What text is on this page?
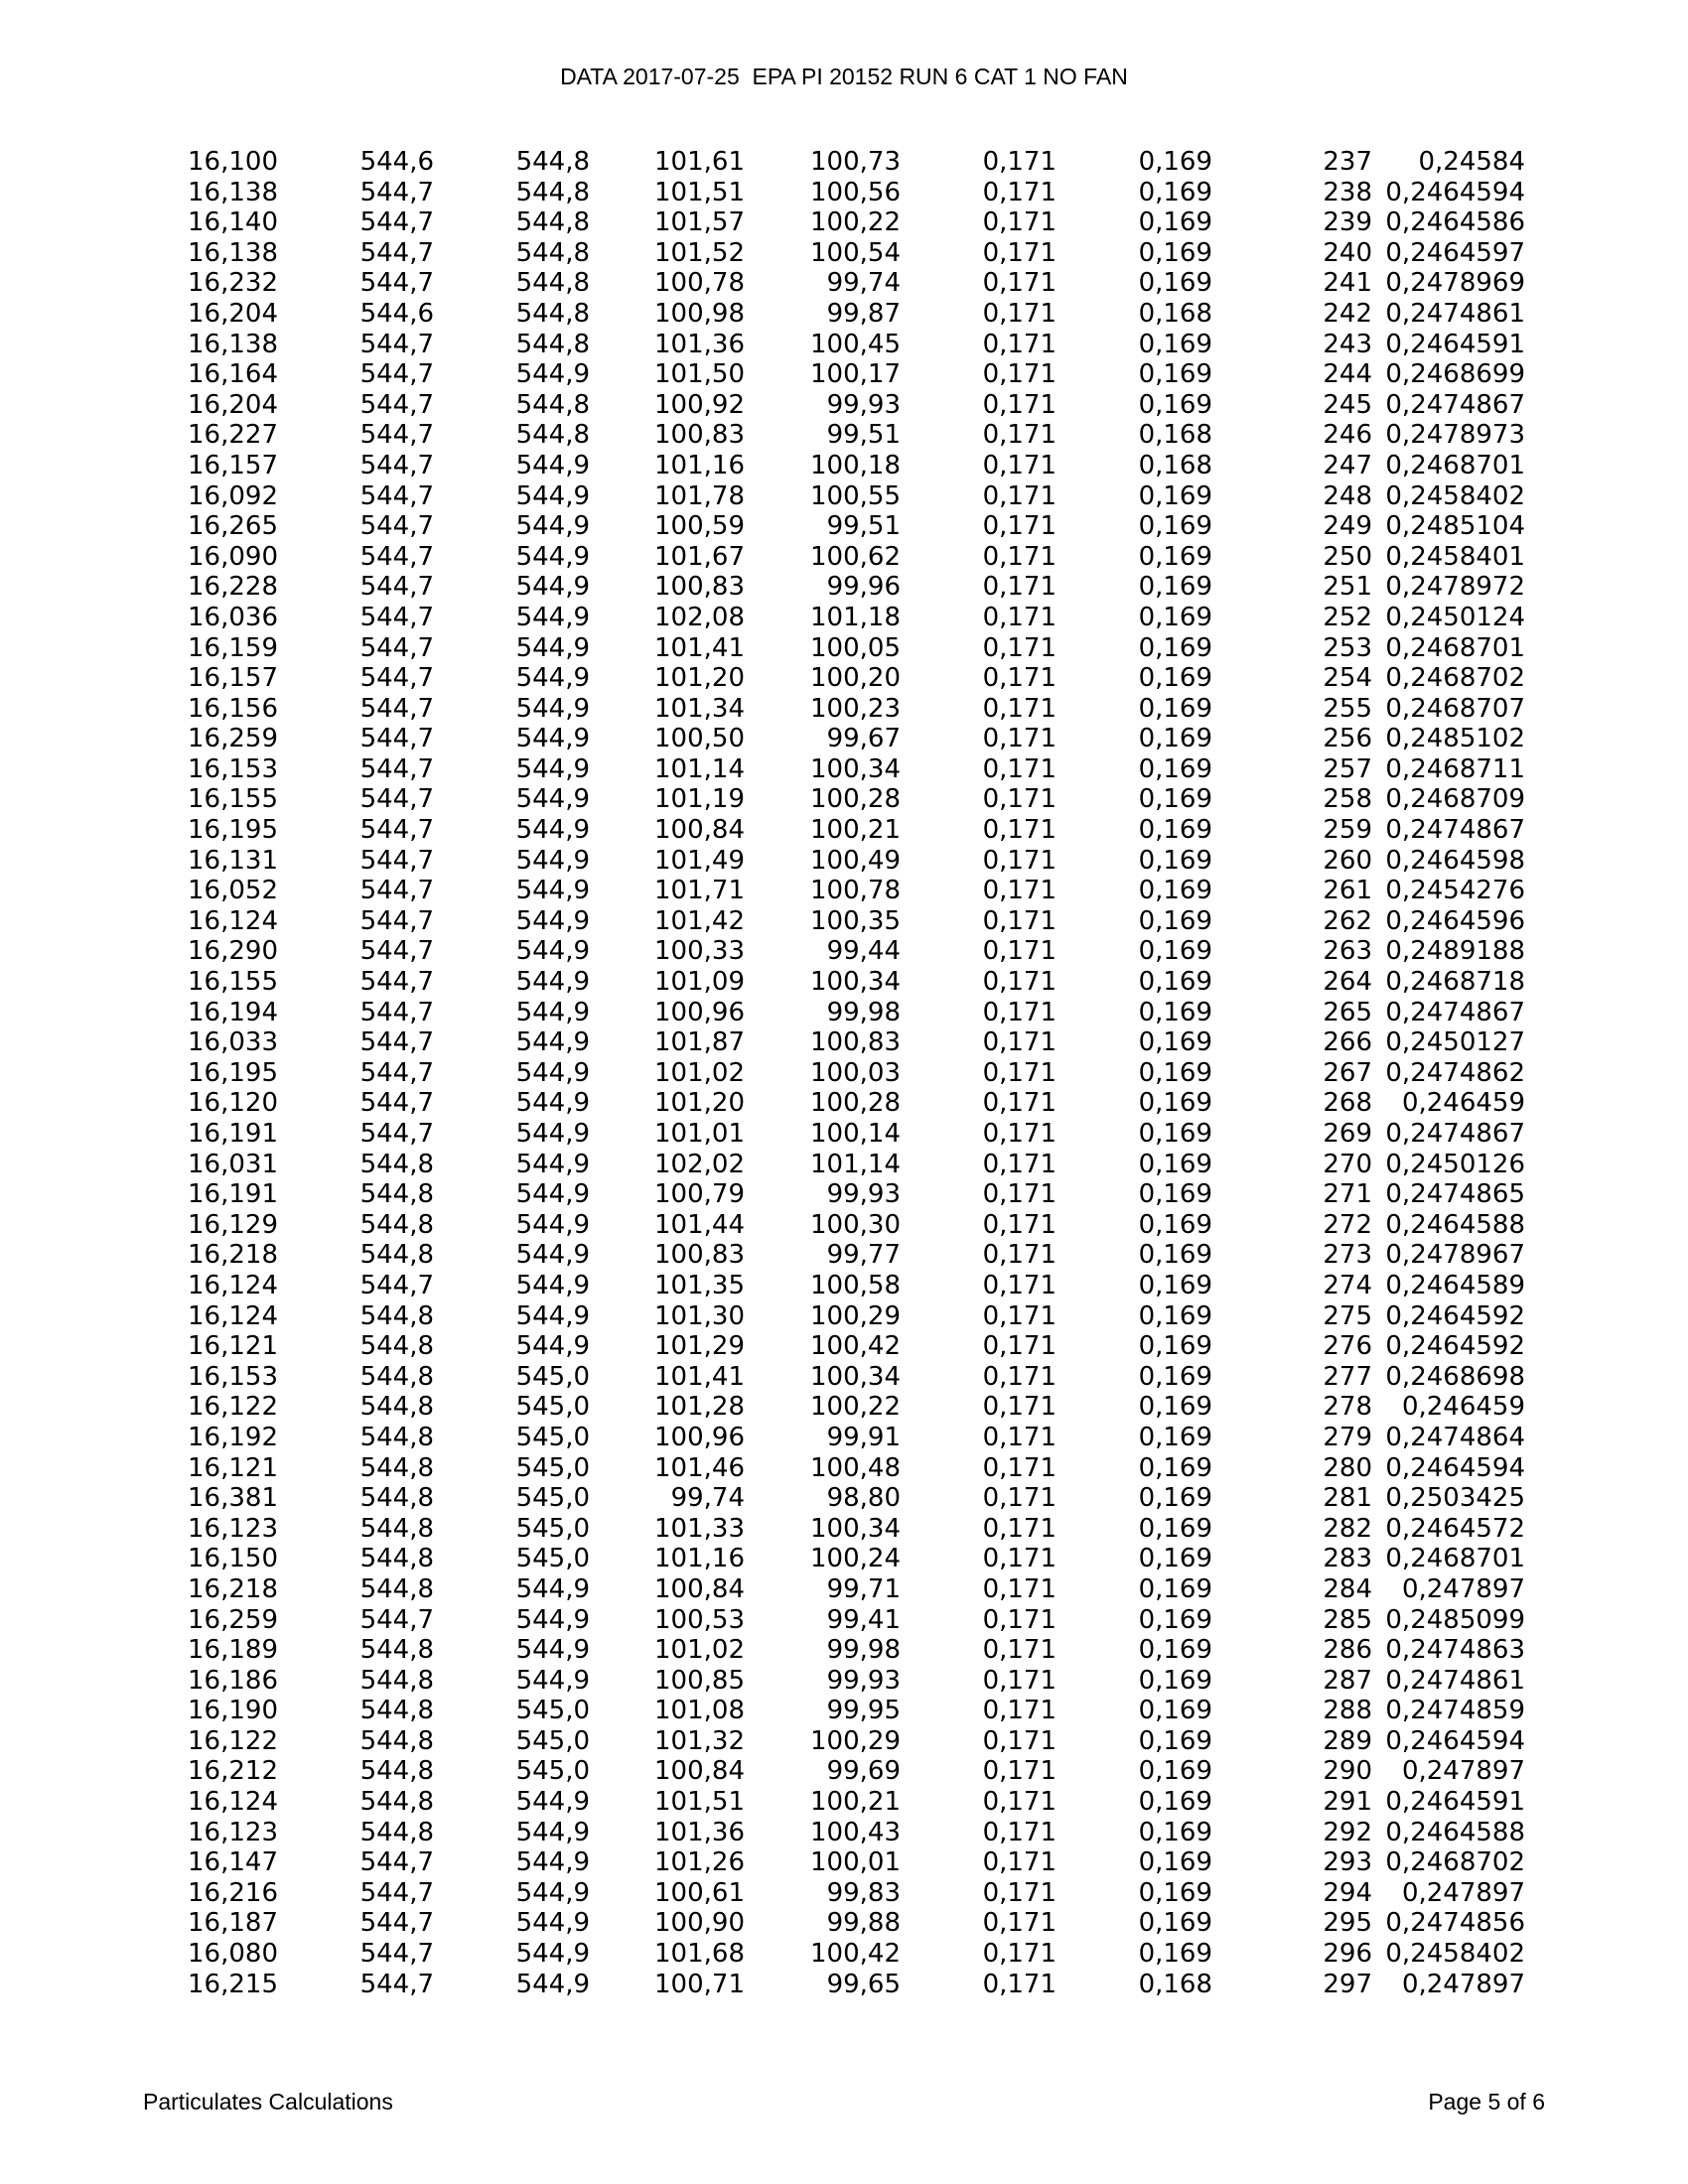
DATA 2017-07-25  EPA PI 20152 RUN 6 CAT 1 NO FAN
16,100	544,6	544,8	101,61	100,73	0,171	0,169	237 0,24584
16,138	544,7	544,8	101,51	100,56	0,171	0,169	238 0,2464594
16,140	544,7	544,8	101,57	100,22	0,171	0,169	239 0,2464586
16,138	544,7	544,8	101,52	100,54	0,171	0,169	240 0,2464597
16,232	544,7	544,8	100,78	99,74	0,171	0,169	241 0,2478969
16,204	544,6	544,8	100,98	99,87	0,171	0,168	242 0,2474861
16,138	544,7	544,8	101,36	100,45	0,171	0,169	243 0,2464591
16,164	544,7	544,9	101,50	100,17	0,171	0,169	244 0,2468699
16,204	544,7	544,8	100,92	99,93	0,171	0,169	245 0,2474867
16,227	544,7	544,8	100,83	99,51	0,171	0,168	246 0,2478973
16,157	544,7	544,9	101,16	100,18	0,171	0,168	247 0,2468701
16,092	544,7	544,9	101,78	100,55	0,171	0,169	248 0,2458402
16,265	544,7	544,9	100,59	99,51	0,171	0,169	249 0,2485104
16,090	544,7	544,9	101,67	100,62	0,171	0,169	250 0,2458401
16,228	544,7	544,9	100,83	99,96	0,171	0,169	251 0,2478972
16,036	544,7	544,9	102,08	101,18	0,171	0,169	252 0,2450124
16,159	544,7	544,9	101,41	100,05	0,171	0,169	253 0,2468701
16,157	544,7	544,9	101,20	100,20	0,171	0,169	254 0,2468702
16,156	544,7	544,9	101,34	100,23	0,171	0,169	255 0,2468707
16,259	544,7	544,9	100,50	99,67	0,171	0,169	256 0,2485102
16,153	544,7	544,9	101,14	100,34	0,171	0,169	257 0,2468711
16,155	544,7	544,9	101,19	100,28	0,171	0,169	258 0,2468709
16,195	544,7	544,9	100,84	100,21	0,171	0,169	259 0,2474867
16,131	544,7	544,9	101,49	100,49	0,171	0,169	260 0,2464598
16,052	544,7	544,9	101,71	100,78	0,171	0,169	261 0,2454276
16,124	544,7	544,9	101,42	100,35	0,171	0,169	262 0,2464596
16,290	544,7	544,9	100,33	99,44	0,171	0,169	263 0,2489188
16,155	544,7	544,9	101,09	100,34	0,171	0,169	264 0,2468718
16,194	544,7	544,9	100,96	99,98	0,171	0,169	265 0,2474867
16,033	544,7	544,9	101,87	100,83	0,171	0,169	266 0,2450127
16,195	544,7	544,9	101,02	100,03	0,171	0,169	267 0,2474862
16,120	544,7	544,9	101,20	100,28	0,171	0,169	268 0,246459
16,191	544,7	544,9	101,01	100,14	0,171	0,169	269 0,2474867
16,031	544,8	544,9	102,02	101,14	0,171	0,169	270 0,2450126
16,191	544,8	544,9	100,79	99,93	0,171	0,169	271 0,2474865
16,129	544,8	544,9	101,44	100,30	0,171	0,169	272 0,2464588
16,218	544,8	544,9	100,83	99,77	0,171	0,169	273 0,2478967
16,124	544,7	544,9	101,35	100,58	0,171	0,169	274 0,2464589
16,124	544,8	544,9	101,30	100,29	0,171	0,169	275 0,2464592
16,121	544,8	544,9	101,29	100,42	0,171	0,169	276 0,2464592
16,153	544,8	545,0	101,41	100,34	0,171	0,169	277 0,2468698
16,122	544,8	545,0	101,28	100,22	0,171	0,169	278 0,246459
16,192	544,8	545,0	100,96	99,91	0,171	0,169	279 0,2474864
16,121	544,8	545,0	101,46	100,48	0,171	0,169	280 0,2464594
16,381	544,8	545,0	99,74	98,80	0,171	0,169	281 0,2503425
16,123	544,8	545,0	101,33	100,34	0,171	0,169	282 0,2464572
16,150	544,8	545,0	101,16	100,24	0,171	0,169	283 0,2468701
16,218	544,8	544,9	100,84	99,71	0,171	0,169	284 0,247897
16,259	544,7	544,9	100,53	99,41	0,171	0,169	285 0,2485099
16,189	544,8	544,9	101,02	99,98	0,171	0,169	286 0,2474863
16,186	544,8	544,9	100,85	99,93	0,171	0,169	287 0,2474861
16,190	544,8	545,0	101,08	99,95	0,171	0,169	288 0,2474859
16,122	544,8	545,0	101,32	100,29	0,171	0,169	289 0,2464594
16,212	544,8	545,0	100,84	99,69	0,171	0,169	290 0,247897
16,124	544,8	544,9	101,51	100,21	0,171	0,169	291 0,2464591
16,123	544,8	544,9	101,36	100,43	0,171	0,169	292 0,2464588
16,147	544,7	544,9	101,26	100,01	0,171	0,169	293 0,2468702
16,216	544,7	544,9	100,61	99,83	0,171	0,169	294 0,247897
16,187	544,7	544,9	100,90	99,88	0,171	0,169	295 0,2474856
16,080	544,7	544,9	101,68	100,42	0,171	0,169	296 0,2458402
16,215	544,7	544,9	100,71	99,65	0,171	0,168	297 0,247897
Particulates Calculations	Page 5 of 6
